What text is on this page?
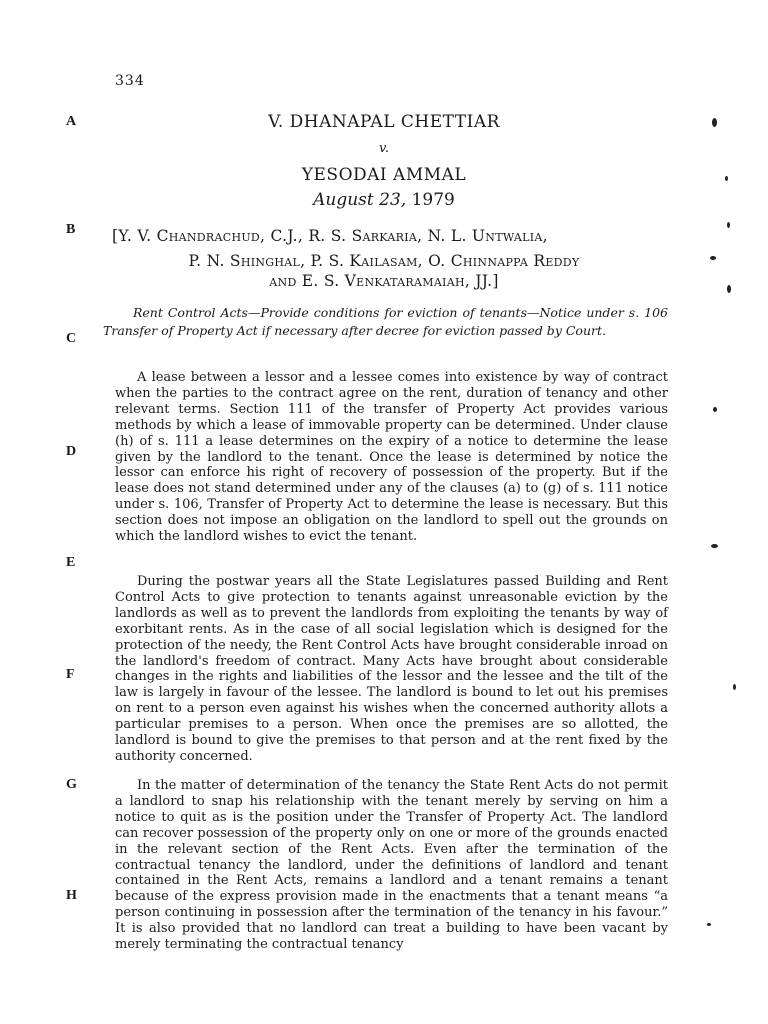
334
A
B
C
D
E
F
G
H
V. DHANAPAL CHETTIAR
v.
YESODAI AMMAL
August 23, 1979
[Y. V. Chandrachud, C.J., R. S. Sarkaria, N. L. Untwalia,
P. N. Shinghal, P. S. Kailasam, O. Chinnappa Reddy
and E. S. Venkataramaiah, JJ.]

Rent Control Acts—Provide conditions for eviction of tenants—Notice under s. 106 Transfer of Property Act if necessary after decree for eviction passed by Court.

A lease between a lessor and a lessee comes into existence by way of contract when the parties to the contract agree on the rent, duration of tenancy and other relevant terms. Section 111 of the transfer of Property Act provides various methods by which a lease of immovable property can be determined. Under clause (h) of s. 111 a lease determines on the expiry of a notice to determine the lease given by the landlord to the tenant. Once the lease is determined by notice the lessor can enforce his right of recovery of possession of the property. But if the lease does not stand determined under any of the clauses (a) to (g) of s. 111 notice under s. 106, Transfer of Property Act to determine the lease is necessary. But this section does not impose an obligation on the landlord to spell out the grounds on which the landlord wishes to evict the tenant.

During the postwar years all the State Legislatures passed Building and Rent Control Acts to give protection to tenants against unreasonable eviction by the landlords as well as to prevent the landlords from exploiting the tenants by way of exorbitant rents. As in the case of all social legislation which is designed for the protection of the needy, the Rent Control Acts have brought considerable inroad on the landlord's freedom of contract. Many Acts have brought about considerable changes in the rights and liabilities of the lessor and the lessee and the tilt of the law is largely in favour of the lessee. The landlord is bound to let out his premises on rent to a person even against his wishes when the concerned authority allots a particular premises to a person. When once the premises are so allotted, the landlord is bound to give the premises to that person and at the rent fixed by the authority concerned.

In the matter of determination of the tenancy the State Rent Acts do not permit a landlord to snap his relationship with the tenant merely by serving on him a notice to quit as is the position under the Transfer of Property Act. The landlord can recover possession of the property only on one or more of the grounds enacted in the relevant section of the Rent Acts. Even after the termination of the contractual tenancy the landlord, under the definitions of landlord and tenant contained in the Rent Acts, remains a landlord and a tenant remains a tenant because of the express provision made in the enactments that a tenant means “a person continuing in possession after the termination of the tenancy in his favour.” It is also provided that no landlord can treat a building to have been vacant by merely terminating the contractual tenancy
